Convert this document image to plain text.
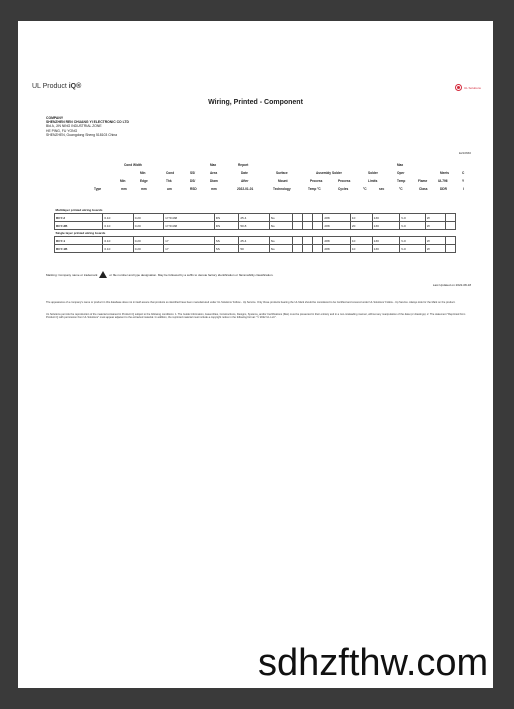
UL Product iQ®	UL Solutions
Wiring, Printed - Component
COMPANY
SHENZHEN REN CHUANG YI ELECTRONIC CO LTD
Bld A, JIN NING INDUSTRIAL ZONE
HE PING, FU YONG
SHENZHEN, Guangdong Sheng 518103 China
E210660
Cond Width	Max	Report	Max
Min	Cond	SS/	Area	Date	Surface	Assembly Solder	Solder	Oper	Meets	C
Min	Edge	Thk	DS/	Diam	After	Mount	Process	Process	Limits	Temp	Flame	UL796	Y
Type	mm	mm	um	RSD	mm	2022-01-01	Technology	Temp °C	Cycles	°C	sec	°C	Class	DDR	I
Multilayer printed wiring boards															
RCY-2	0.10	0.20	17.5/438	DS	25.4	No				288	10	130	V-0	W	
RCY-3B	0.10	0.20	17.5/438	DS	50.8	No				288	20	130	V-0	W	
Single layer printed wiring boards															
RCY-1	0.10	0.20	17	SS	25.4	No				288	10	130	V-0	W	
RCY-1B	0.10	0.20	17	SS	50	No				288	10	130	V-0	W	
Marking: Company name or trademark	or file number and type designation. May be followed by a suffix to denote factory identification or flammability classification.
Last Updated on 2022-08-18
The appearance of a company's name or product in this database does not in itself assure that products so identified have been manufactured under UL Solutions' Follow - Up Service. Only those products bearing the UL Mark should be considered to be Certified and covered under UL Solutions' Follow - Up Service. Always look for the Mark on the product.
UL Solutions permits the reproduction of the material contained in Product iQ subject to the following conditions: 1. The Guide Information, Assemblies, Constructions, Designs, Systems, and/or Certifications (files) must be presented in their entirety and in a non-misleading manner, without any manipulation of the data (or drawings). 2. The statement "Reprinted from Product iQ with permission from UL Solutions" must appear adjacent to the extracted material. In addition, the reprinted material must include a copyright notice in the following format: "© 2022 UL LLC".
sdhzfthw.com
